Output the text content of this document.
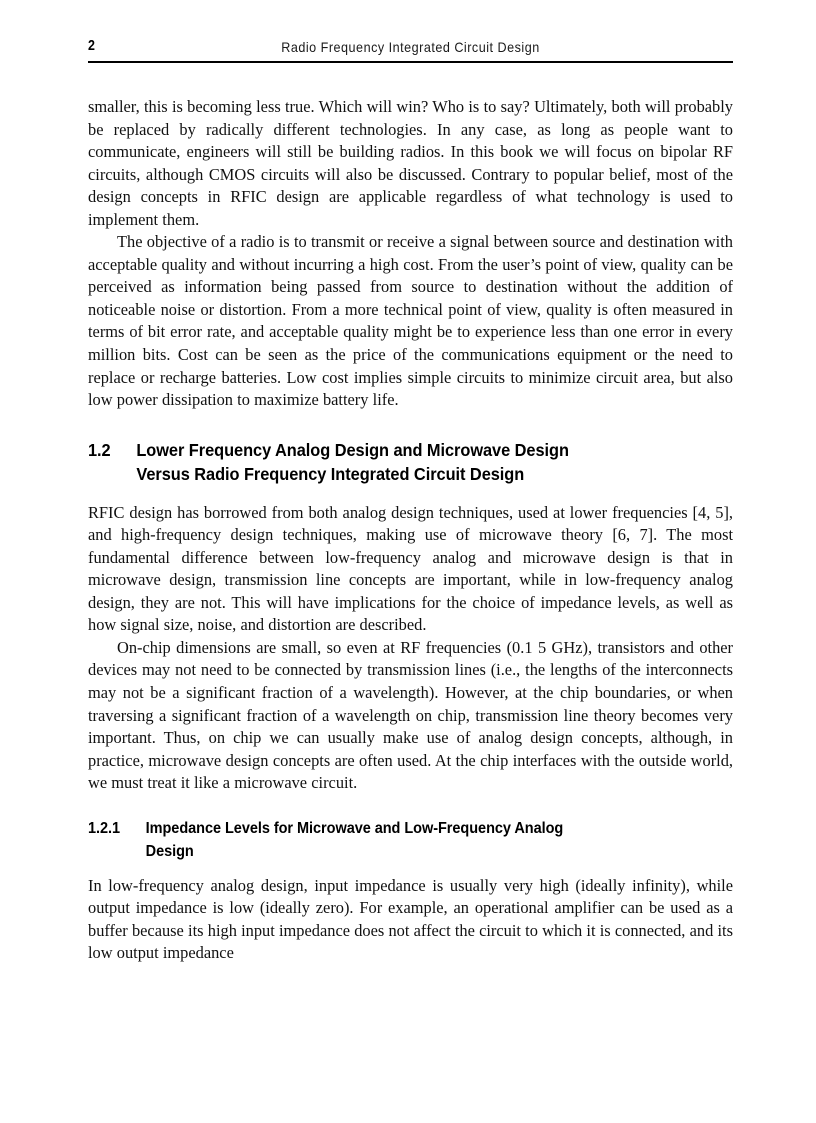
2	Radio Frequency Integrated Circuit Design

smaller, this is becoming less true. Which will win? Who is to say? Ultimately, both will probably be replaced by radically different technologies. In any case, as long as people want to communicate, engineers will still be building radios. In this book we will focus on bipolar RF circuits, although CMOS circuits will also be discussed. Contrary to popular belief, most of the design concepts in RFIC design are applicable regardless of what technology is used to implement them.

The objective of a radio is to transmit or receive a signal between source and destination with acceptable quality and without incurring a high cost. From the user’s point of view, quality can be perceived as information being passed from source to destination without the addition of noticeable noise or distortion. From a more technical point of view, quality is often measured in terms of bit error rate, and acceptable quality might be to experience less than one error in every million bits. Cost can be seen as the price of the communications equipment or the need to replace or recharge batteries. Low cost implies simple circuits to minimize circuit area, but also low power dissipation to maximize battery life.

1.2 Lower Frequency Analog Design and Microwave Design
Versus Radio Frequency Integrated Circuit Design

RFIC design has borrowed from both analog design techniques, used at lower frequencies [4, 5], and high-frequency design techniques, making use of microwave theory [6, 7]. The most fundamental difference between low-frequency analog and microwave design is that in microwave design, transmission line concepts are important, while in low-frequency analog design, they are not. This will have implications for the choice of impedance levels, as well as how signal size, noise, and distortion are described.

On-chip dimensions are small, so even at RF frequencies (0.1 5 GHz), transistors and other devices may not need to be connected by transmission lines (i.e., the lengths of the interconnects may not be a significant fraction of a wavelength). However, at the chip boundaries, or when traversing a significant fraction of a wavelength on chip, transmission line theory becomes very important. Thus, on chip we can usually make use of analog design concepts, although, in practice, microwave design concepts are often used. At the chip interfaces with the outside world, we must treat it like a microwave circuit.

1.2.1 Impedance Levels for Microwave and Low-Frequency Analog
Design

In low-frequency analog design, input impedance is usually very high (ideally infinity), while output impedance is low (ideally zero). For example, an operational amplifier can be used as a buffer because its high input impedance does not affect the circuit to which it is connected, and its low output impedance
